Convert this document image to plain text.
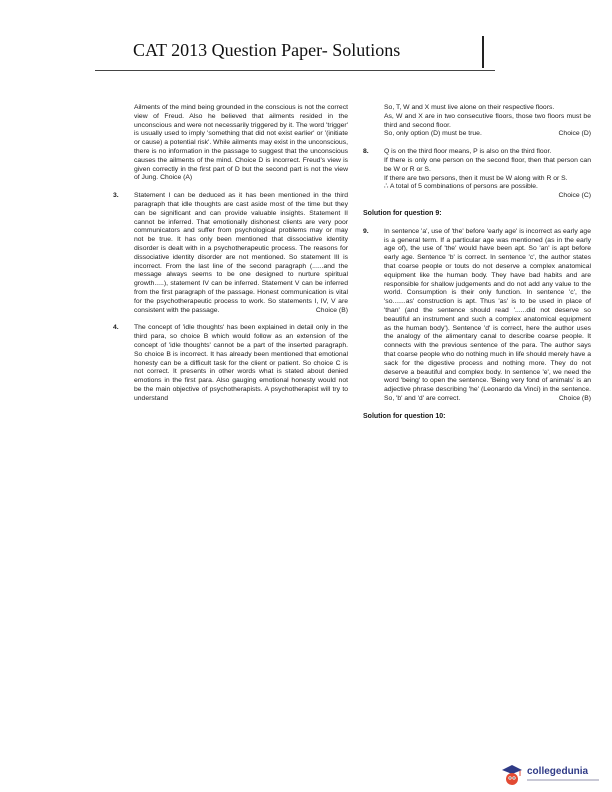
CAT 2013 Question Paper- Solutions
Ailments of the mind being grounded in the conscious is not the correct view of Freud. Also he believed that ailments resided in the unconscious and were not necessarily triggered by it. The word 'trigger' is usually used to imply 'something that did not exist earlier' or '(initiate or cause) a potential risk'. While ailments may exist in the unconscious, there is no information in the passage to suggest that the unconscious causes the ailments of the mind. Choice D is incorrect. Freud's view is given correctly in the first part of D but the second part is not the view of Jung. Choice (A)
3. Statement I can be deduced as it has been mentioned in the third paragraph that idle thoughts are cast aside most of the time but they can be significant and can provide valuable insights. Statement II cannot be inferred. That emotionally dishonest clients are very poor communicators and suffer from psychological problems may or may not be true. It has only been mentioned that dissociative identity disorder is dealt with in a psychotherapeutic process. The reasons for dissociative identity disorder are not mentioned. So statement III is incorrect. From the last line of the second paragraph (......and the message always seems to be one designed to nurture spiritual growth.....), statement IV can be inferred. Statement V can be inferred from the first paragraph of the passage. Honest communication is vital for the psychotherapeutic process to work. So statements I, IV, V are consistent with the passage.	Choice (B)
4. The concept of 'idle thoughts' has been explained in detail only in the third para, so choice B which would follow as an extension of the concept of 'idle thoughts' cannot be a part of the inserted paragraph. So choice B is incorrect. It has already been mentioned that emotional honesty can be a difficult task for the client or patient. So choice C is not correct. It presents in other words what is stated about denied emotions in the first para. Also gauging emotional honesty would not be the main objective of psychotherapists. A psychotherapist will try to understand
So, T, W and X must live alone on their respective floors.
As, W and X are in two consecutive floors, those two floors must be third and second floor.
So, only option (D) must be true.	Choice (D)
8. Q is on the third floor means, P is also on the third floor.
If there is only one person on the second floor, then that person can be W or R or S.
If there are two persons, then it must be W along with R or S.
∴ A total of 5 combinations of persons are possible.
Choice (C)
Solution for question 9:
9. In sentence 'a', use of 'the' before 'early age' is incorrect as early age is a general term. If a particular age was mentioned (as in the early age of), the use of 'the' would have been apt. So 'an' is apt before early age. Sentence 'b' is correct. In sentence 'c', the author states that coarse people or touts do not deserve a complex anatomical equipment like the human body. They have bad habits and are responsible for shallow judgements and do not add any value to the world. Consumption is their only function. In sentence 'c', the 'so.......as' construction is apt. Thus 'as' is to be used in place of 'than' (and the sentence should read '......did not deserve so beautiful an instrument and such a complex anatomical equipment as the human body'). Sentence 'd' is correct, here the author uses the analogy of the alimentary canal to describe coarse people. It connects with the previous sentence of the para. The author says that coarse people who do nothing much in life should merely have a sack for the digestive process and nothing more. They do not deserve a beautiful and complex body. In sentence 'e', we need the word 'being' to open the sentence. 'Being very fond of animals' is an adjective phrase describing 'he' (Leonardo da Vinci) in the sentence. So, 'b' and 'd' are correct.	Choice (B)
Solution for question 10:
collegedunia
